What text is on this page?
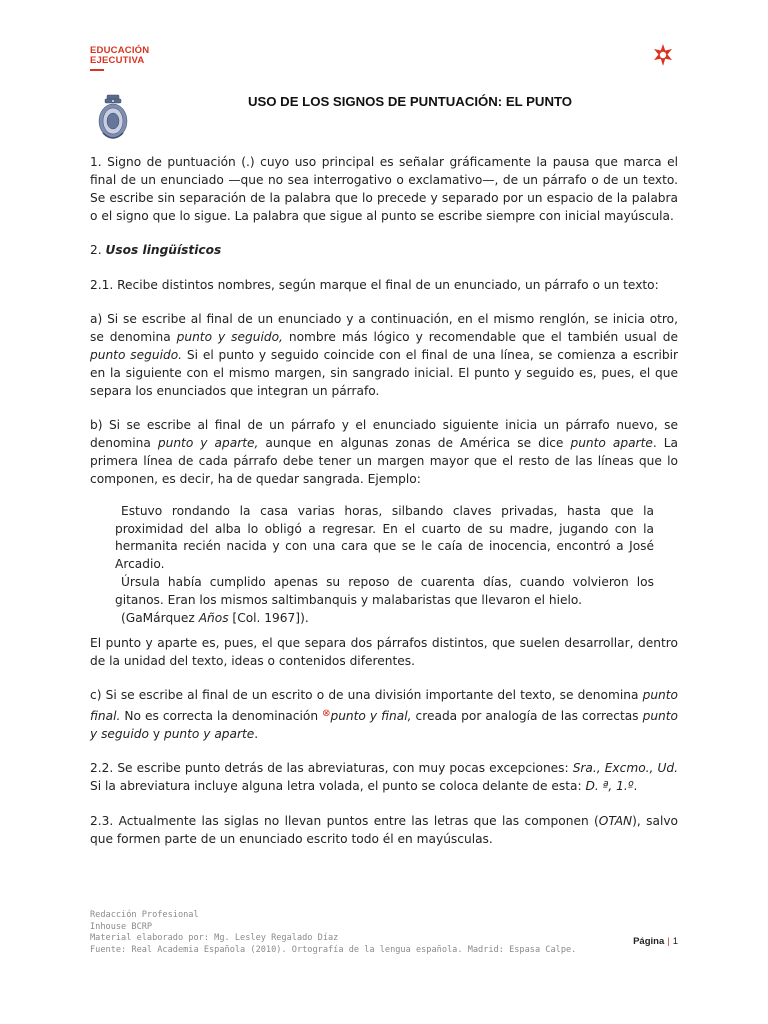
EDUCACIÓN
EJECUTIVA
USO DE LOS SIGNOS DE PUNTUACIÓN: EL PUNTO

1. Signo de puntuación (.) cuyo uso principal es señalar gráficamente la pausa que marca el final de un enunciado —que no sea interrogativo o exclamativo—, de un párrafo o de un texto. Se escribe sin separación de la palabra que lo precede y separado por un espacio de la palabra o el signo que lo sigue. La palabra que sigue al punto se escribe siempre con inicial mayúscula.

2. Usos lingüísticos

2.1. Recibe distintos nombres, según marque el final de un enunciado, un párrafo o un texto:

a) Si se escribe al final de un enunciado y a continuación, en el mismo renglón, se inicia otro, se denomina punto y seguido, nombre más lógico y recomendable que el también usual de punto seguido. Si el punto y seguido coincide con el final de una línea, se comienza a escribir en la siguiente con el mismo margen, sin sangrado inicial. El punto y seguido es, pues, el que separa los enunciados que integran un párrafo.

b) Si se escribe al final de un párrafo y el enunciado siguiente inicia un párrafo nuevo, se denomina punto y aparte, aunque en algunas zonas de América se dice punto aparte. La primera línea de cada párrafo debe tener un margen mayor que el resto de las líneas que lo componen, es decir, ha de quedar sangrada. Ejemplo:

Estuvo rondando la casa varias horas, silbando claves privadas, hasta que la proximidad del alba lo obligó a regresar. En el cuarto de su madre, jugando con la hermanita recién nacida y con una cara que se le caía de inocencia, encontró a José Arcadio.

Úrsula había cumplido apenas su reposo de cuarenta días, cuando volvieron los gitanos. Eran los mismos saltimbanquis y malabaristas que llevaron el hielo.

(GaMárquez Años [Col. 1967]).

El punto y aparte es, pues, el que separa dos párrafos distintos, que suelen desarrollar, dentro de la unidad del texto, ideas o contenidos diferentes.

c) Si se escribe al final de un escrito o de una división importante del texto, se denomina punto final. No es correcta la denominación ⊗punto y final, creada por analogía de las correctas punto y seguido y punto y aparte.

2.2. Se escribe punto detrás de las abreviaturas, con muy pocas excepciones: Sra., Excmo., Ud. Si la abreviatura incluye alguna letra volada, el punto se coloca delante de esta: D. ª, 1.º.

2.3. Actualmente las siglas no llevan puntos entre las letras que las componen (OTAN), salvo que formen parte de un enunciado escrito todo él en mayúsculas.

Redacción Profesional
Inhouse BCRP
Material elaborado por: Mg. Lesley Regalado Díaz
Fuente: Real Academia Española (2010). Ortografía de la lengua española. Madrid: Espasa Calpe.
Página | 1
